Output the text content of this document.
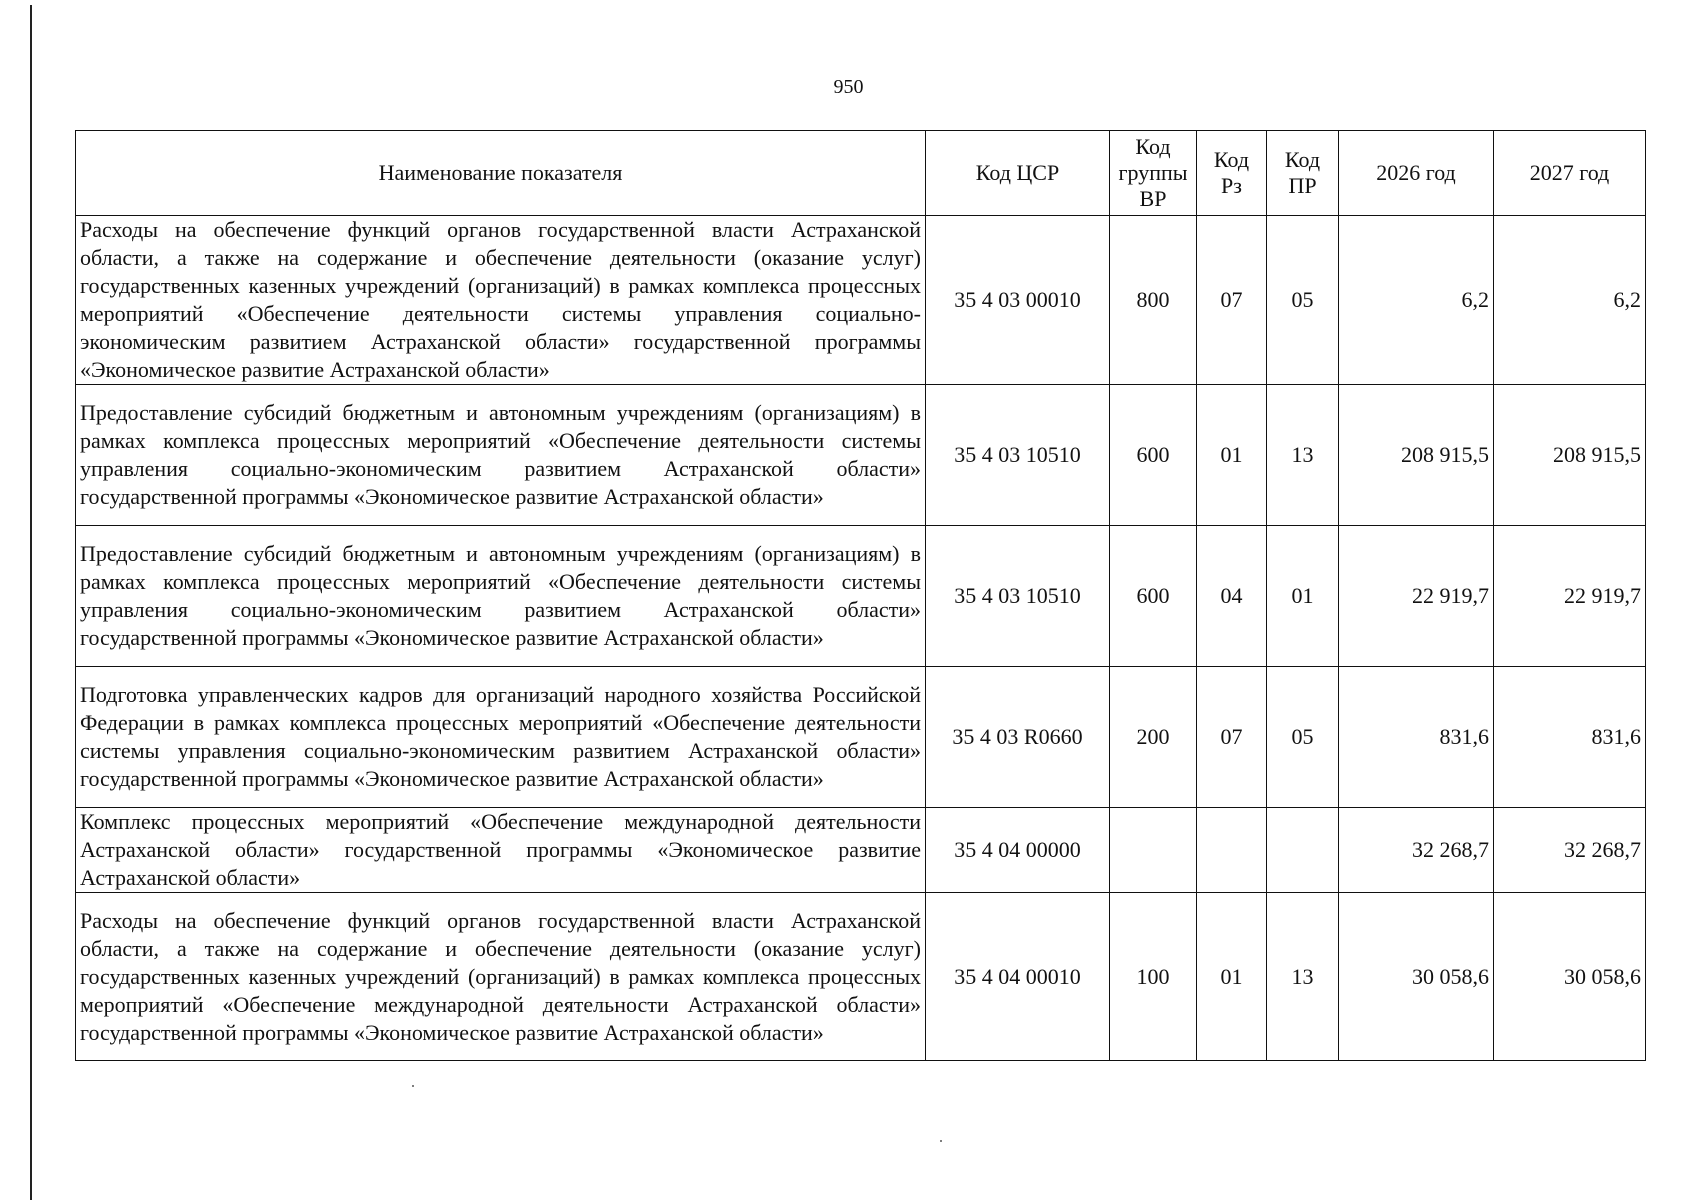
950
Наименование показателя	Код ЦСР	Код группы ВР	Код Рз	Код ПР	2026 год	2027 год
Расходы на обеспечение функций органов государственной власти Астраханской области, а также на содержание и обеспечение деятельности (оказание услуг) государственных казенных учреждений (организаций) в рамках комплекса процессных мероприятий «Обеспечение деятельности системы управления социально-экономическим развитием Астраханской области» государственной программы «Экономическое развитие Астраханской области»	35 4 03 00010	800	07	05	6,2	6,2
Предоставление субсидий бюджетным и автономным учреждениям (организациям) в рамках комплекса процессных мероприятий «Обеспечение деятельности системы управления социально-экономическим развитием Астраханской области» государственной программы «Экономическое развитие Астраханской области»	35 4 03 10510	600	01	13	208 915,5	208 915,5
Предоставление субсидий бюджетным и автономным учреждениям (организациям) в рамках комплекса процессных мероприятий «Обеспечение деятельности системы управления социально-экономическим развитием Астраханской области» государственной программы «Экономическое развитие Астраханской области»	35 4 03 10510	600	04	01	22 919,7	22 919,7
Подготовка управленческих кадров для организаций народного хозяйства Российской Федерации в рамках комплекса процессных мероприятий «Обеспечение деятельности системы управления социально-экономическим развитием Астраханской области» государственной программы «Экономическое развитие Астраханской области»	35 4 03 R0660	200	07	05	831,6	831,6
Комплекс процессных мероприятий «Обеспечение международной деятельности Астраханской области» государственной программы «Экономическое развитие Астраханской области»	35 4 04 00000				32 268,7	32 268,7
Расходы на обеспечение функций органов государственной власти Астраханской области, а также на содержание и обеспечение деятельности (оказание услуг) государственных казенных учреждений (организаций) в рамках комплекса процессных мероприятий «Обеспечение международной деятельности Астраханской области» государственной программы «Экономическое развитие Астраханской области»	35 4 04 00010	100	01	13	30 058,6	30 058,6
